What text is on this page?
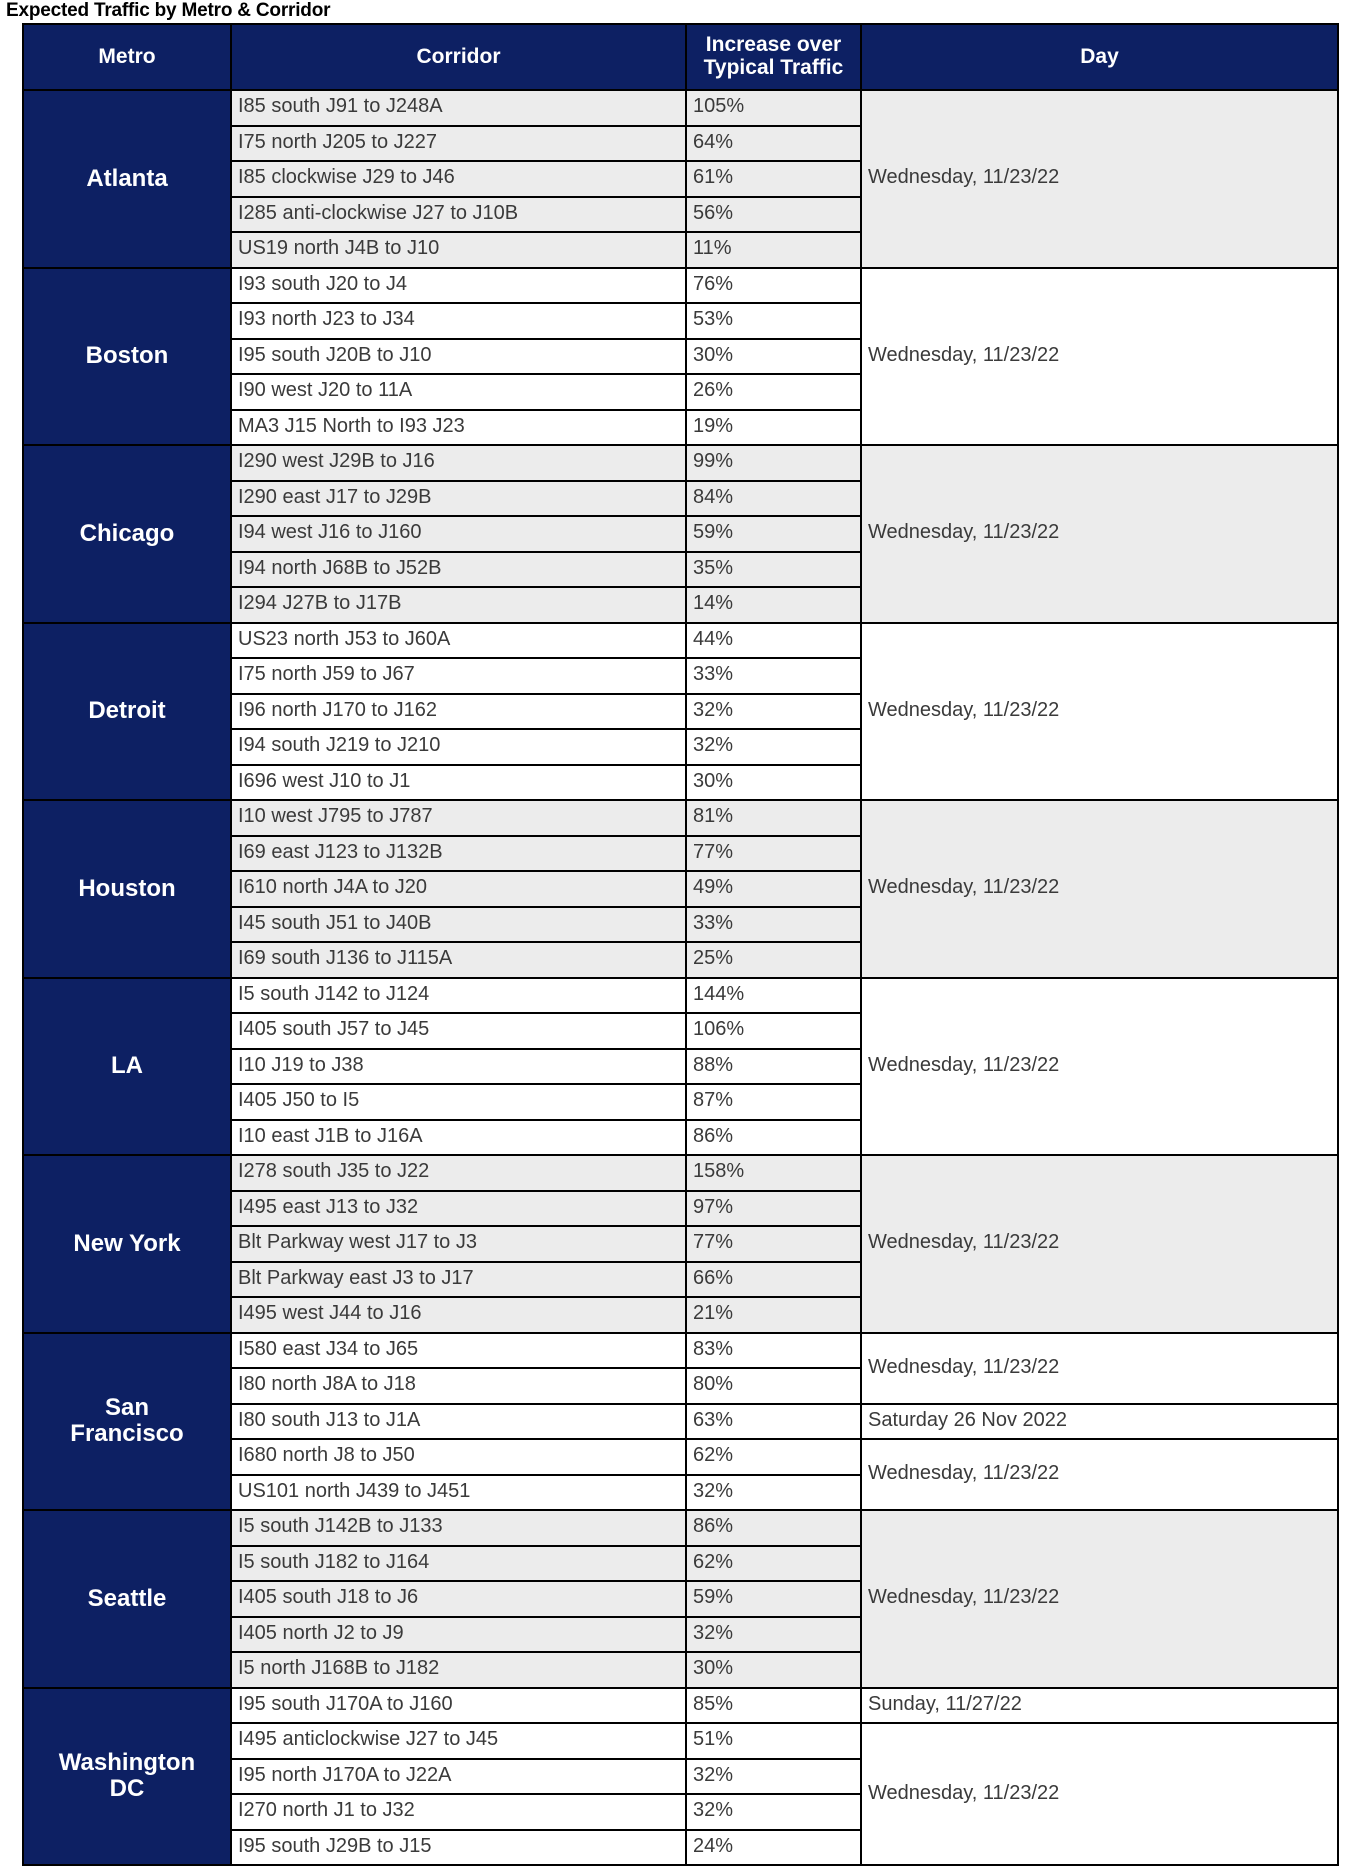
Expected Traffic by Metro & Corridor
Metro	Corridor	Increase over
Typical Traffic	Day
Atlanta	I85 south J91 to J248A	105%	Wednesday, 11/23/22
	I75 north J205 to J227	64%	
	I85 clockwise J29 to J46	61%	
	I285 anti-clockwise J27 to J10B	56%	
	US19 north J4B to J10	11%	
Boston	I93 south J20 to J4	76%	Wednesday, 11/23/22
	I93 north J23 to J34	53%	
	I95 south J20B to J10	30%	
	I90 west J20 to 11A	26%	
	MA3 J15 North to I93 J23	19%	
Chicago	I290 west J29B to J16	99%	Wednesday, 11/23/22
	I290 east J17 to J29B	84%	
	I94 west J16 to J160	59%	
	I94 north J68B to J52B	35%	
	I294 J27B to J17B	14%	
Detroit	US23 north J53 to J60A	44%	Wednesday, 11/23/22
	I75 north J59 to J67	33%	
	I96 north J170 to J162	32%	
	I94 south J219 to J210	32%	
	I696 west J10 to J1	30%	
Houston	I10 west J795 to J787	81%	Wednesday, 11/23/22
	I69 east J123 to J132B	77%	
	I610 north J4A to J20	49%	
	I45 south J51 to J40B	33%	
	I69 south J136 to J115A	25%	
LA	I5 south J142 to J124	144%	Wednesday, 11/23/22
	I405 south J57 to J45	106%	
	I10 J19 to J38	88%	
	I405 J50 to I5	87%	
	I10 east J1B to J16A	86%	
New York	I278 south J35 to J22	158%	Wednesday, 11/23/22
	I495 east J13 to J32	97%	
	Blt Parkway west J17 to J3	77%	
	Blt Parkway east J3 to J17	66%	
	I495 west J44 to J16	21%	
San
Francisco	I580 east J34 to J65	83%	Wednesday, 11/23/22
	I80 north J8A to J18	80%	
	I80 south J13 to J1A	63%	Saturday 26 Nov 2022
	I680 north J8 to J50	62%	Wednesday, 11/23/22
	US101 north J439 to J451	32%	
Seattle	I5 south J142B to J133	86%	Wednesday, 11/23/22
	I5 south J182 to J164	62%	
	I405 south J18 to J6	59%	
	I405 north J2 to J9	32%	
	I5 north J168B to J182	30%	
Washington
DC	I95 south J170A to J160	85%	Sunday, 11/27/22
	I495 anticlockwise J27 to J45	51%	Wednesday, 11/23/22
	I95 north J170A to J22A	32%	
	I270 north J1 to J32	32%	
	I95 south J29B to J15	24%	
